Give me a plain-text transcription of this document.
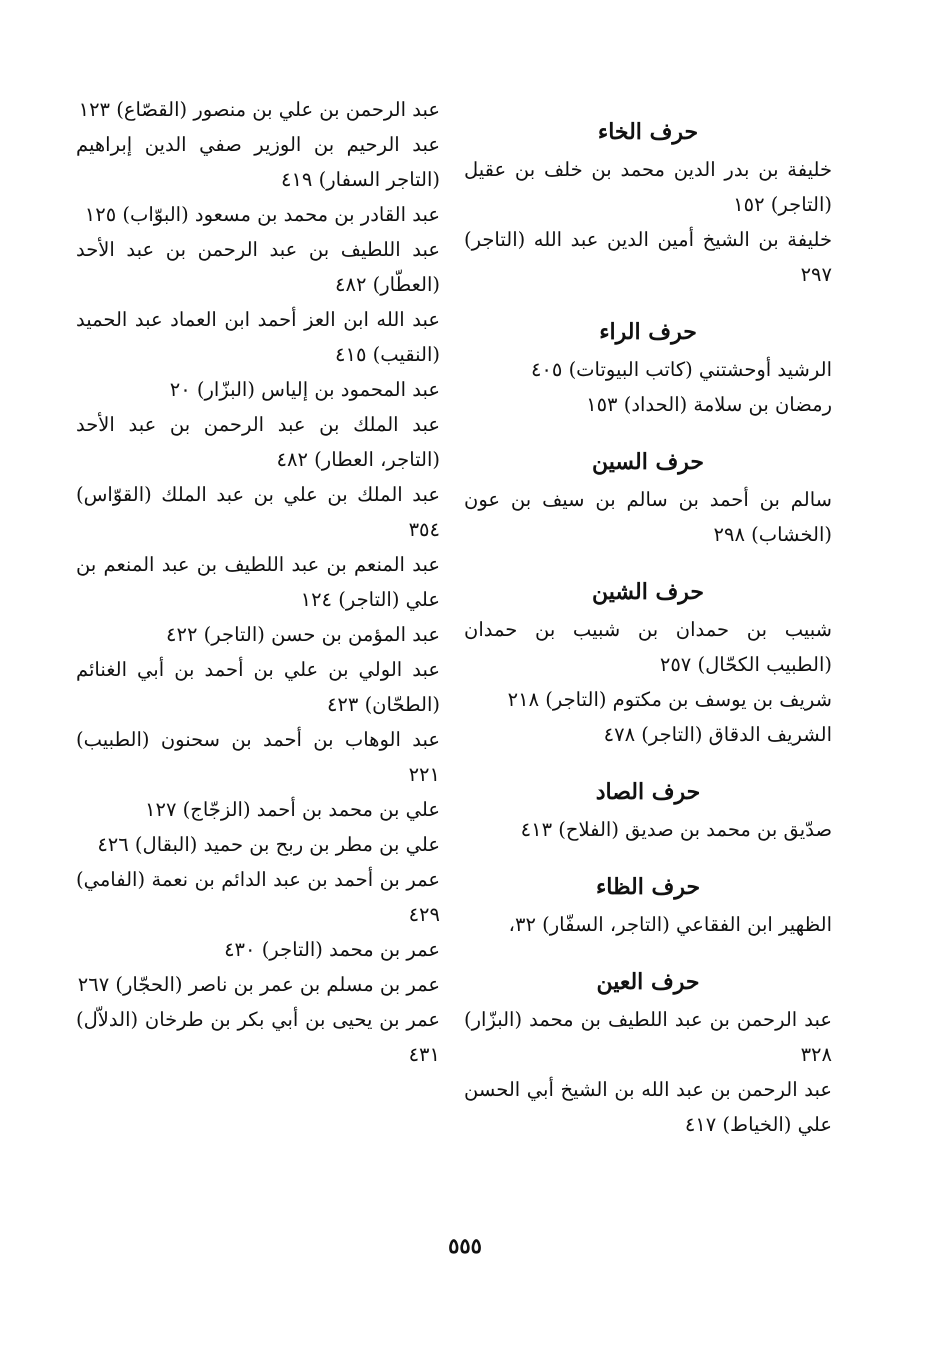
حرف الخاء
خليفة بن بدر الدين محمد بن خلف بن عقيل (التاجر) ١٥٢
خليفة بن الشيخ أمين الدين عبد الله (التاجر) ٢٩٧
حرف الراء
الرشيد أوحشتني (كاتب البيوتات) ٤٠٥
رمضان بن سلامة (الحداد) ١٥٣
حرف السين
سالم بن أحمد بن سالم بن سيف بن عون (الخشاب) ٢٩٨
حرف الشين
شبيب بن حمدان بن شبيب بن حمدان (الطبيب الكحّال) ٢٥٧
شريف بن يوسف بن مكتوم (التاجر) ٢١٨
الشريف الدقاق (التاجر) ٤٧٨
حرف الصاد
صدّيق بن محمد بن صديق (الفلاح) ٤١٣
حرف الظاء
الظهير ابن الفقاعي (التاجر، السفّار) ٣٢،
حرف العين
عبد الرحمن بن عبد اللطيف بن محمد (البزّار) ٣٢٨
عبد الرحمن بن عبد الله بن الشيخ أبي الحسن علي (الخياط) ٤١٧
عبد الرحمن بن علي بن منصور (القصّاع) ١٢٣
عبد الرحيم بن الوزير صفي الدين إبراهيم (التاجر السفار) ٤١٩
عبد القادر بن محمد بن مسعود (البوّاب) ١٢٥
عبد اللطيف بن عبد الرحمن بن عبد الأحد (العطّار) ٤٨٢
عبد الله ابن العز أحمد ابن العماد عبد الحميد (النقيب) ٤١٥
عبد المحمود بن إلياس (البزّار) ٢٠
عبد الملك بن عبد الرحمن بن عبد الأحد (التاجر، العطار) ٤٨٢
عبد الملك بن علي بن عبد الملك (القوّاس) ٣٥٤
عبد المنعم بن عبد اللطيف بن عبد المنعم بن علي (التاجر) ١٢٤
عبد المؤمن بن حسن (التاجر) ٤٢٢
عبد الولي بن علي بن أحمد بن أبي الغنائم (الطحّان) ٤٢٣
عبد الوهاب بن أحمد بن سحنون (الطبيب) ٢٢١
علي بن محمد بن أحمد (الزجّاج) ١٢٧
علي بن مطر بن ربح بن حميد (البقال) ٤٢٦
عمر بن أحمد بن عبد الدائم بن نعمة (الفامي) ٤٢٩
عمر بن محمد (التاجر) ٤٣٠
عمر بن مسلم بن عمر بن ناصر (الحجّار) ٢٦٧
عمر بن يحيى بن أبي بكر بن طرخان (الدلاّل) ٤٣١
٥٥٥
